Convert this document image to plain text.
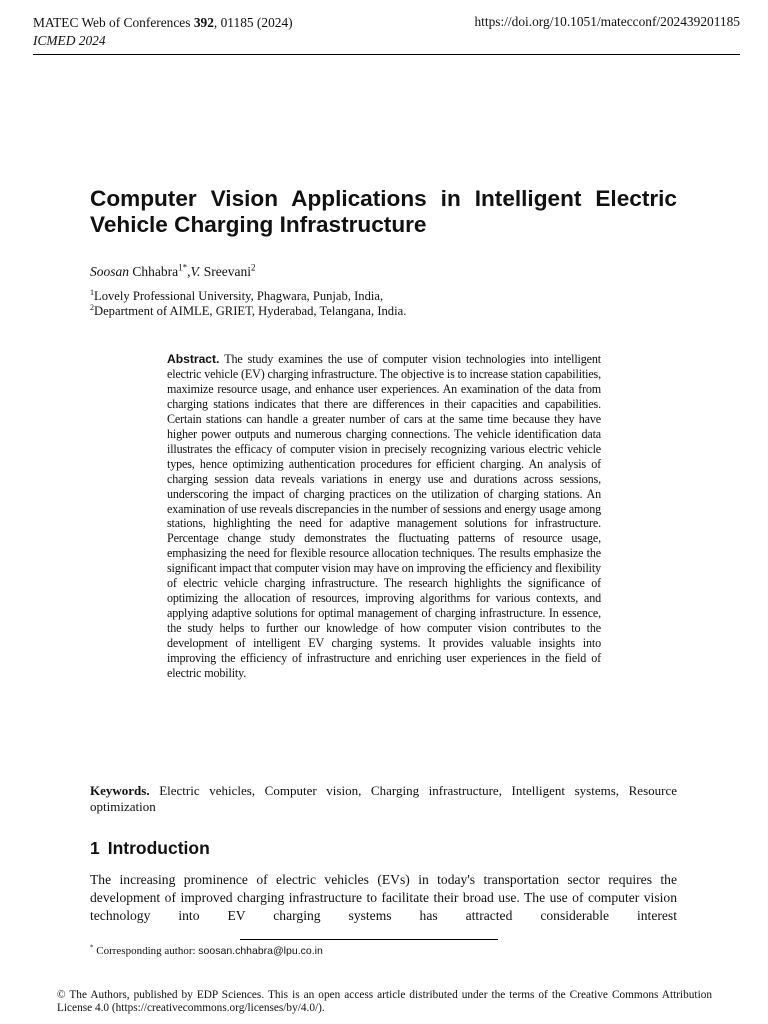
MATEC Web of Conferences 392, 01185 (2024)
ICMED 2024
https://doi.org/10.1051/matecconf/202439201185
Computer Vision Applications in Intelligent Electric Vehicle Charging Infrastructure
Soosan Chhabra$^{1*}$,V. Sreevani$^2$
$^1$Lovely Professional University, Phagwara, Punjab, India,
$^2$Department of AIMLE, GRIET, Hyderabad, Telangana, India.
Abstract. The study examines the use of computer vision technologies into intelligent electric vehicle (EV) charging infrastructure. The objective is to increase station capabilities, maximize resource usage, and enhance user experiences. An examination of the data from charging stations indicates that there are differences in their capacities and capabilities. Certain stations can handle a greater number of cars at the same time because they have higher power outputs and numerous charging connections. The vehicle identification data illustrates the efficacy of computer vision in precisely recognizing various electric vehicle types, hence optimizing authentication procedures for efficient charging. An analysis of charging session data reveals variations in energy use and durations across sessions, underscoring the impact of charging practices on the utilization of charging stations. An examination of use reveals discrepancies in the number of sessions and energy usage among stations, highlighting the need for adaptive management solutions for infrastructure. Percentage change study demonstrates the fluctuating patterns of resource usage, emphasizing the need for flexible resource allocation techniques. The results emphasize the significant impact that computer vision may have on improving the efficiency and flexibility of electric vehicle charging infrastructure. The research highlights the significance of optimizing the allocation of resources, improving algorithms for various contexts, and applying adaptive solutions for optimal management of charging infrastructure. In essence, the study helps to further our knowledge of how computer vision contributes to the development of intelligent EV charging systems. It provides valuable insights into improving the efficiency of infrastructure and enriching user experiences in the field of electric mobility.
Keywords. Electric vehicles, Computer vision, Charging infrastructure, Intelligent systems, Resource optimization
1 Introduction
The increasing prominence of electric vehicles (EVs) in today's transportation sector requires the development of improved charging infrastructure to facilitate their broad use. The use of computer vision technology into EV charging systems has attracted considerable interest
* Corresponding author: soosan.chhabra@lpu.co.in
© The Authors, published by EDP Sciences. This is an open access article distributed under the terms of the Creative Commons Attribution License 4.0 (https://creativecommons.org/licenses/by/4.0/).
